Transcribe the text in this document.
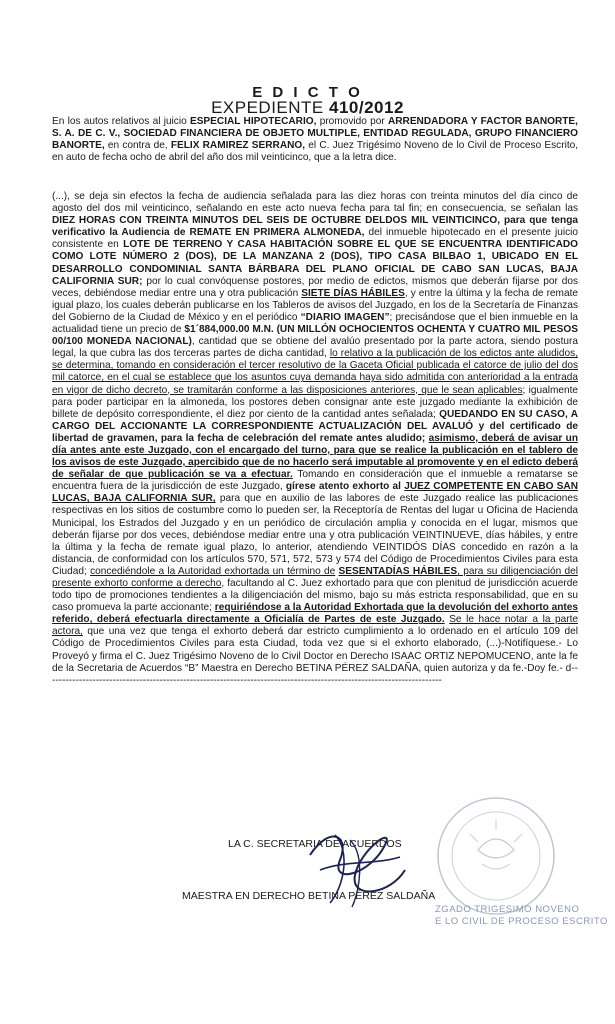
E D I C T O

EXPEDIENTE 410/2012

En los autos relativos al juicio ESPECIAL HIPOTECARIO, promovido por ARRENDADORA Y FACTOR BANORTE, S. A. DE C. V., SOCIEDAD FINANCIERA DE OBJETO MULTIPLE, ENTIDAD REGULADA, GRUPO FINANCIERO BANORTE, en contra de, FELIX RAMIREZ SERRANO, el C. Juez Trigésimo Noveno de lo Civil de Proceso Escrito, en auto de fecha ocho de abril del año dos mil veinticinco, que a la letra dice.

(...), se deja sin efectos la fecha de audiencia señalada para las diez horas con treinta minutos del día cinco de agosto del dos mil veinticinco, señalando en este acto nueva fecha para tal fin; en consecuencia, se señalan las DIEZ HORAS CON TREINTA MINUTOS DEL SEIS DE OCTUBRE DELDOS MIL VEINTICINCO, para que tenga verificativo la Audiencia de REMATE EN PRIMERA ALMONEDA, del inmueble hipotecado en el presente juicio consistente en LOTE DE TERRENO Y CASA HABITACIÓN SOBRE EL QUE SE ENCUENTRA IDENTIFICADO COMO LOTE NÚMERO 2 (DOS), DE LA MANZANA 2 (DOS), TIPO CASA BILBAO 1, UBICADO EN EL DESARROLLO CONDOMINIAL SANTA BÁRBARA DEL PLANO OFICIAL DE CABO SAN LUCAS, BAJA CALIFORNIA SUR; por lo cual convóquense postores, por medio de edictos, mismos que deberán fijarse por dos veces, debiéndose mediar entre una y otra publicación SIETE DÍAS HÁBILES, y entre la última y la fecha de remate igual plazo, los cuales deberán publicarse en los Tableros de avisos del Juzgado, en los de la Secretaría de Finanzas del Gobierno de la Ciudad de México y en el periódico “DIARIO IMAGEN”; precisándose que el bien inmueble en la actualidad tiene un precio de $1´884,000.00 M.N. (UN MILLÓN OCHOCIENTOS OCHENTA Y CUATRO MIL PESOS 00/100 MONEDA NACIONAL), cantidad que se obtiene del avalúo presentado por la parte actora, siendo postura legal, la que cubra las dos terceras partes de dicha cantidad, lo relativo a la publicación de los edictos ante aludidos, se determina, tomando en consideración el tercer resolutivo de la Gaceta Oficial publicada el catorce de julio del dos mil catorce, en el cual se establece que los asuntos cuya demanda haya sido admitida con anterioridad a la entrada en vigor de dicho decreto, se tramitarán conforme a las disposiciones anteriores, que le sean aplicables; igualmente para poder participar en la almoneda, los postores deben consignar ante este juzgado mediante la exhibición de billete de depósito correspondiente, el diez por ciento de la cantidad antes señalada; QUEDANDO EN SU CASO, A CARGO DEL ACCIONANTE LA CORRESPONDIENTE ACTUALIZACIÓN DEL AVALUÓ y del certificado de libertad de gravamen, para la fecha de celebración del remate antes aludido; asimismo, deberá de avisar un día antes ante este Juzgado, con el encargado del turno, para que se realice la publicación en el tablero de los avisos de este Juzgado, apercibido que de no hacerlo será imputable al promovente y en el edicto deberá de señalar de que publicación se va a efectuar. Tomando en consideración que el inmueble a rematarse se encuentra fuera de la jurisdicción de este Juzgado, gírese atento exhorto al JUEZ COMPETENTE EN CABO SAN LUCAS, BAJA CALIFORNIA SUR, para que en auxilio de las labores de este Juzgado realice las publicaciones respectivas en los sitios de costumbre como lo pueden ser, la Receptoría de Rentas del lugar u Oficina de Hacienda Municipal, los Estrados del Juzgado y en un periódico de circulación amplia y conocida en el lugar, mismos que deberán fijarse por dos veces, debiéndose mediar entre una y otra publicación VEINTINUEVE, días hábiles, y entre la última y la fecha de remate igual plazo, lo anterior, atendiendo VEINTIDÓS DÍAS concedido en razón a la distancia, de conformidad con los artículos 570, 571, 572, 573 y 574 del Código de Procedimientos Civiles para esta Ciudad; concediéndole a la Autoridad exhortada un término de SESENTADÍAS HÁBILES, para su diligenciación del presente exhorto conforme a derecho, facultando al C. Juez exhortado para que con plenitud de jurisdicción acuerde todo tipo de promociones tendientes a la diligenciación del mismo, bajo su más estricta responsabilidad, que en su caso promueva la parte accionante; requiriéndose a la Autoridad Exhortada que la devolución del exhorto antes referido, deberá efectuarla directamente a Oficialía de Partes de este Juzgado. Se le hace notar a la parte actora, que una vez que tenga el exhorto deberá dar estricto cumplimiento a lo ordenado en el artículo 109 del Código de Procedimientos Civiles para esta Ciudad, toda vez que si el exhorto elaborado, (...)-Notifíquese.- Lo Proveyó y firma el C. Juez Trigésimo Noveno de lo Civil Doctor en Derecho ISAAC ORTIZ NEPOMUCENO, ante la fe de la Secretaria de Acuerdos “B” Maestra en Derecho BETINA PÉREZ SALDAÑA, quien autoriza y da fe.-Doy fe.- d----------------------------------------------------------------------------------------------------------------------

LA C. SECRETARIA DE ACUERDOS

MAESTRA EN DERECHO BETINA PÉREZ SALDAÑA

ZGADO TRIGESIMO NOVENO
E LO CIVIL DE PROCESO ESCRITO
